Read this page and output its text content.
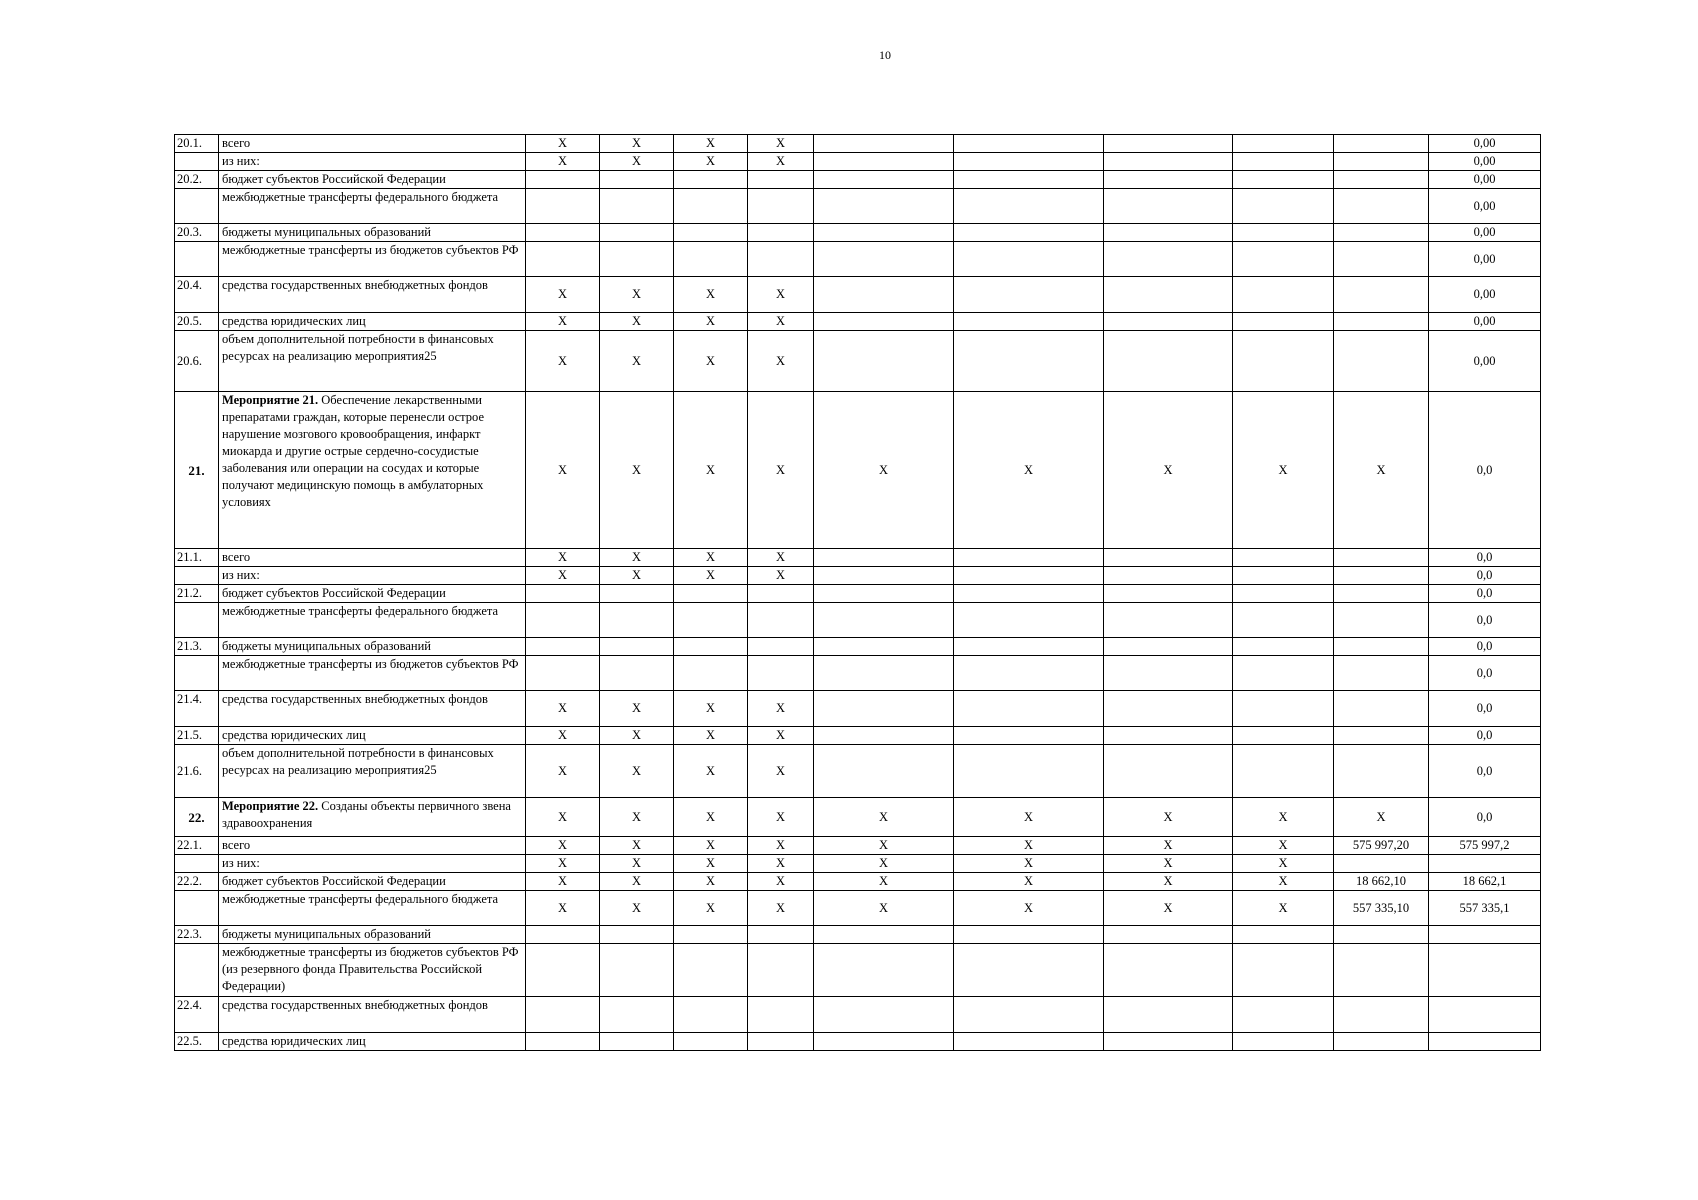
10
20.1.	всего	X	X	X	X						0,00
	из них:	X	X	X	X						0,00
20.2.	бюджет субъектов Российской Федерации										0,00
	межбюджетные трансферты федерального бюджета										0,00
20.3.	бюджеты муниципальных образований										0,00
	межбюджетные трансферты из бюджетов субъектов РФ										0,00
20.4.	средства государственных внебюджетных фондов	X	X	X	X						0,00
20.5.	средства юридических лиц	X	X	X	X						0,00
20.6.	объем дополнительной потребности в финансовых ресурсах на реализацию мероприятия25	X	X	X	X						0,00
21.	Мероприятие 21. Обеспечение лекарственными препаратами граждан, которые перенесли острое нарушение мозгового кровообращения, инфаркт миокарда и другие острые сердечно-сосудистые заболевания или операции на сосудах и которые получают медицинскую помощь в амбулаторных условиях	X	X	X	X	X	X	X	X	X	0,0
21.1.	всего	X	X	X	X						0,0
	из них:	X	X	X	X						0,0
21.2.	бюджет субъектов Российской Федерации										0,0
	межбюджетные трансферты федерального бюджета										0,0
21.3.	бюджеты муниципальных образований										0,0
	межбюджетные трансферты из бюджетов субъектов РФ										0,0
21.4.	средства государственных внебюджетных фондов	X	X	X	X						0,0
21.5.	средства юридических лиц	X	X	X	X						0,0
21.6.	объем дополнительной потребности в финансовых ресурсах на реализацию мероприятия25	X	X	X	X						0,0
22.	Мероприятие 22. Созданы объекты первичного звена здравоохранения	X	X	X	X	X	X	X	X	X	0,0
22.1.	всего	X	X	X	X	X	X	X	X	575 997,20	575 997,2
	из них:	X	X	X	X	X	X	X	X		
22.2.	бюджет субъектов Российской Федерации	X	X	X	X	X	X	X	X	18 662,10	18 662,1
	межбюджетные трансферты федерального бюджета	X	X	X	X	X	X	X	X	557 335,10	557 335,1
22.3.	бюджеты муниципальных образований										
	межбюджетные трансферты из бюджетов субъектов РФ (из резервного фонда Правительства Российской Федерации)										
22.4.	средства государственных внебюджетных фондов										
22.5.	средства юридических лиц										
